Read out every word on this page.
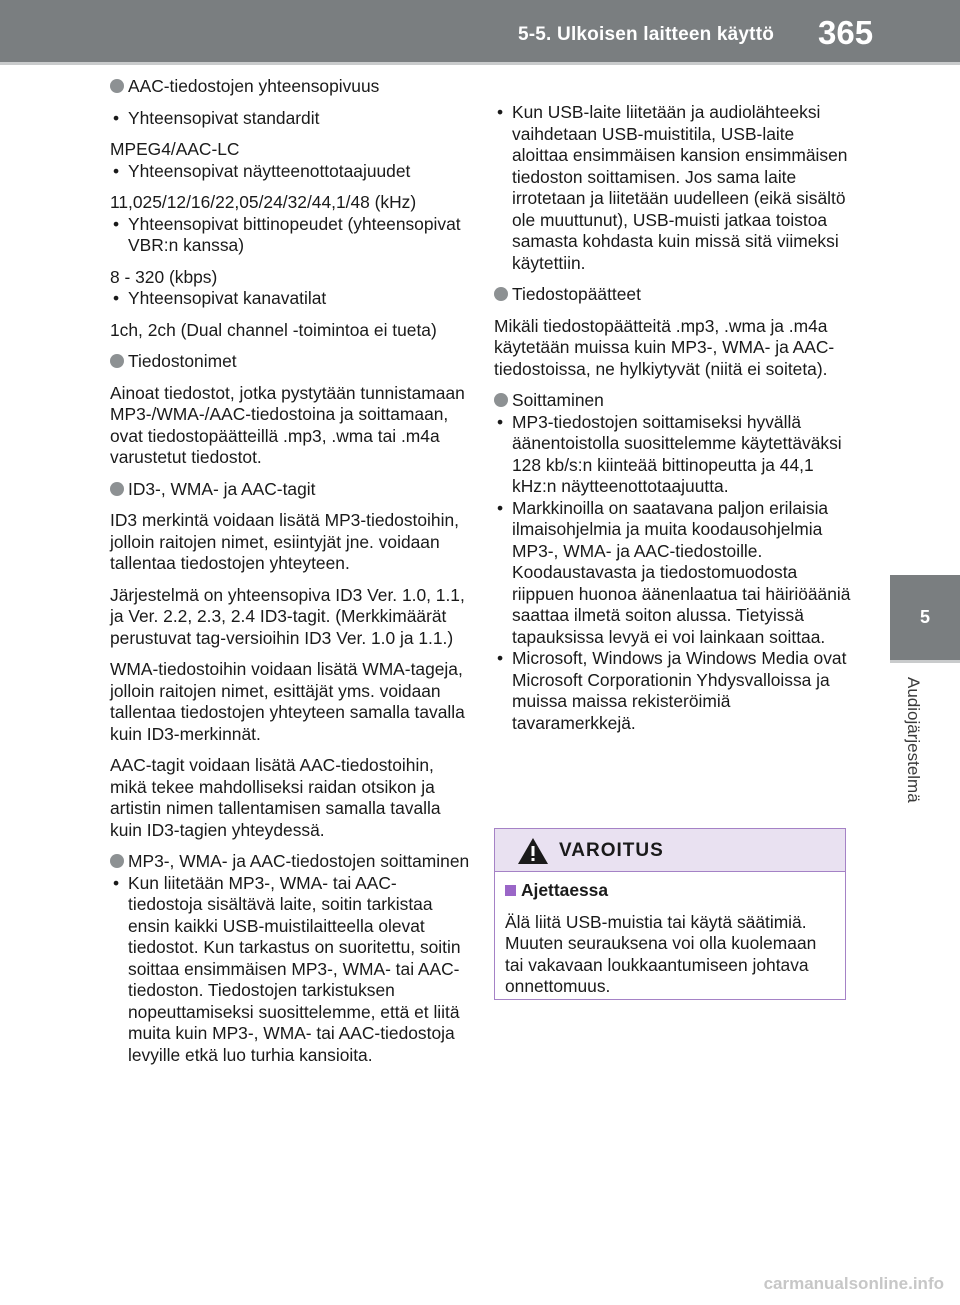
5-5. Ulkoisen laitteen käyttö 365
5
Audiojärjestelmä
AAC-tiedostojen yhteensopivuus
• Yhteensopivat standardit

MPEG4/AAC-LC

• Yhteensopivat näytteenottotaajuudet

11,025/12/16/22,05/24/32/44,1/48 (kHz)

• Yhteensopivat bittinopeudet (yhteensopivat VBR:n kanssa)

8 - 320 (kbps)

• Yhteensopivat kanavatilat

1ch, 2ch (Dual channel -toimintoa ei tueta)

Tiedostonimet

Ainoat tiedostot, jotka pystytään tunnistamaan MP3-/WMA-/AAC-tiedostoina ja soittamaan, ovat tiedostopäätteillä .mp3, .wma tai .m4a varustetut tiedostot.

ID3-, WMA- ja AAC-tagit

ID3 merkintä voidaan lisätä MP3-tiedostoihin, jolloin raitojen nimet, esiintyjät jne. voidaan tallentaa tiedostojen yhteyteen.

Järjestelmä on yhteensopiva ID3 Ver. 1.0, 1.1, ja Ver. 2.2, 2.3, 2.4 ID3-tagit. (Merkkimäärät perustuvat tag-versioihin ID3 Ver. 1.0 ja 1.1.)

WMA-tiedostoihin voidaan lisätä WMA-tageja, jolloin raitojen nimet, esittäjät yms. voidaan tallentaa tiedostojen yhteyteen samalla tavalla kuin ID3-merkinnät.

AAC-tagit voidaan lisätä AAC-tiedostoihin, mikä tekee mahdolliseksi raidan otsikon ja artistin nimen tallentamisen samalla tavalla kuin ID3-tagien yhteydessä.

MP3-, WMA- ja AAC-tiedostojen soittaminen
• Kun liitetään MP3-, WMA- tai AAC-tiedostoja sisältävä laite, soitin tarkistaa ensin kaikki USB-muistilaitteella olevat tiedostot. Kun tarkastus on suoritettu, soitin soittaa ensimmäisen MP3-, WMA- tai AAC-tiedoston. Tiedostojen tarkistuksen nopeuttamiseksi suosittelemme, että et liitä muita kuin MP3-, WMA- tai AAC-tiedostoja levyille etkä luo turhia kansioita.
• Kun USB-laite liitetään ja audiolähteeksi vaihdetaan USB-muistitila, USB-laite aloittaa ensimmäisen kansion ensimmäisen tiedoston soittamisen. Jos sama laite irrotetaan ja liitetään uudelleen (eikä sisältö ole muuttunut), USB-muisti jatkaa toistoa samasta kohdasta kuin missä sitä viimeksi käytettiin.
Tiedostopäätteet

Mikäli tiedostopäätteitä .mp3, .wma ja .m4a käytetään muissa kuin MP3-, WMA- ja AAC-tiedostoissa, ne hylkiytyvät (niitä ei soiteta).

Soittaminen
• MP3-tiedostojen soittamiseksi hyvällä äänentoistolla suosittelemme käytettäväksi 128 kb/s:n kiinteää bittinopeutta ja 44,1 kHz:n näytteenottotaajuutta.
• Markkinoilla on saatavana paljon erilaisia ilmaisohjelmia ja muita koodausohjelmia MP3-, WMA- ja AAC-tiedostoille. Koodaustavasta ja tiedostomuodosta riippuen huonoa äänenlaatua tai häiriöääniä saattaa ilmetä soiton alussa. Tietyissä tapauksissa levyä ei voi lainkaan soittaa.
• Microsoft, Windows ja Windows Media ovat Microsoft Corporationin Yhdysvalloissa ja muissa maissa rekisteröimiä tavaramerkkejä.
VAROITUS
Ajettaessa
Älä liitä USB-muistia tai käytä säätimiä. Muuten seurauksena voi olla kuolemaan tai vakavaan loukkaantumiseen johtava onnettomuus.
carmanualsonline.info
